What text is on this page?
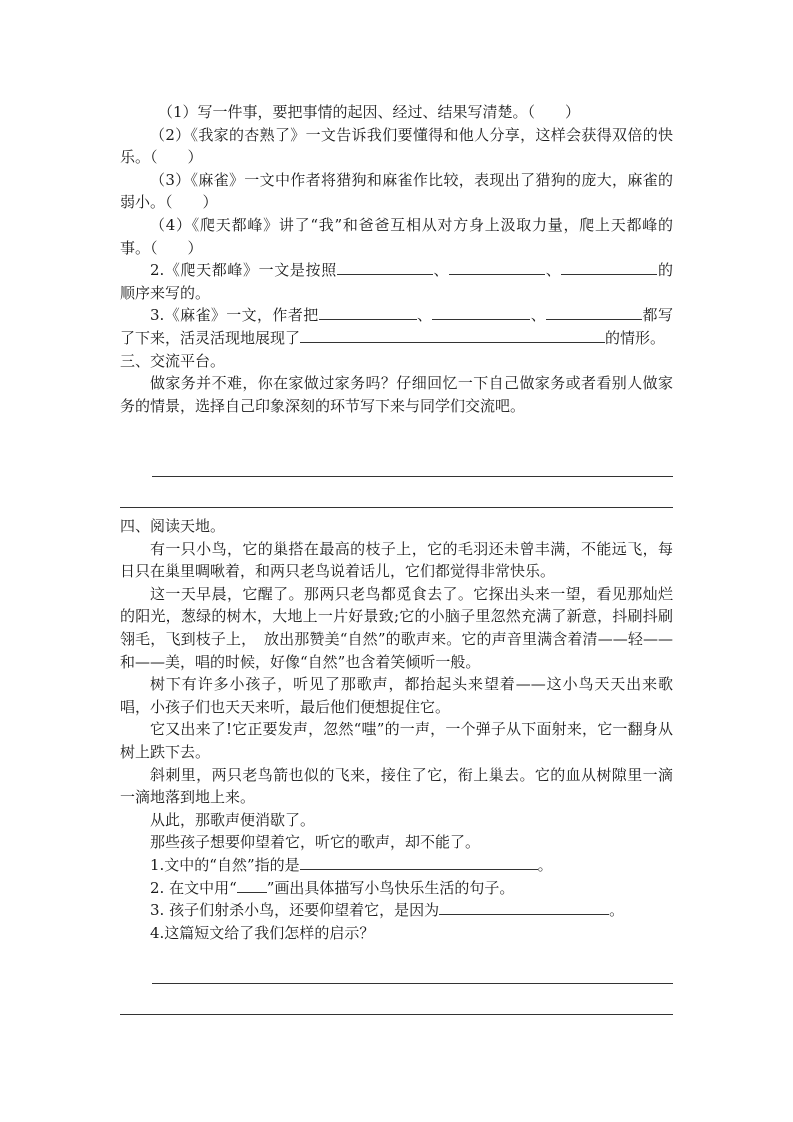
（1）写一件事，要把事情的起因、经过、结果写清楚。（　　）

（2）《我家的杏熟了》一文告诉我们要懂得和他人分享，这样会获得双倍的快乐。（　　）

（3）《麻雀》一文中作者将猎狗和麻雀作比较，表现出了猎狗的庞大，麻雀的弱小。（　　）

（4）《爬天都峰》讲了“我”和爸爸互相从对方身上汲取力量，爬上天都峰的事。（　　）

2.《爬天都峰》一文是按照	、	、	的顺序来写的。

3.《麻雀》一文，作者把	、	、	都写了下来，活灵活现地展现了	的情形。

三、交流平台。

做家务并不难，你在家做过家务吗？仔细回忆一下自己做家务或者看别人做家务的情景，选择自己印象深刻的环节写下来与同学们交流吧。

四、阅读天地。

有一只小鸟，它的巢搭在最高的枝子上，它的毛羽还未曾丰满，不能远飞，每日只在巢里啁啾着，和两只老鸟说着话儿，它们都觉得非常快乐。

这一天早晨，它醒了。那两只老鸟都觅食去了。它探出头来一望，看见那灿烂的阳光，葱绿的树木，大地上一片好景致;它的小脑子里忽然充满了新意，抖刷抖刷翎毛，飞到枝子上，　放出那赞美“自然”的歌声来。它的声音里满含着清——轻——和——美，唱的时候，好像“自然”也含着笑倾听一般。

树下有许多小孩子，听见了那歌声，都抬起头来望着——这小鸟天天出来歌唱，小孩子们也天天来听，最后他们便想捉住它。

它又出来了!它正要发声，忽然“嗤”的一声，一个弹子从下面射来，它一翻身从树上跌下去。

斜刺里，两只老鸟箭也似的飞来，接住了它，衔上巢去。它的血从树隙里一滴一滴地落到地上来。

从此，那歌声便消歇了。

那些孩子想要仰望着它，听它的歌声，却不能了。

1.文中的“自然”指的是	。

2. 在文中用“ ”画出具体描写小鸟快乐生活的句子。

3. 孩子们射杀小鸟，还要仰望着它，是因为	。

4.这篇短文给了我们怎样的启示？
